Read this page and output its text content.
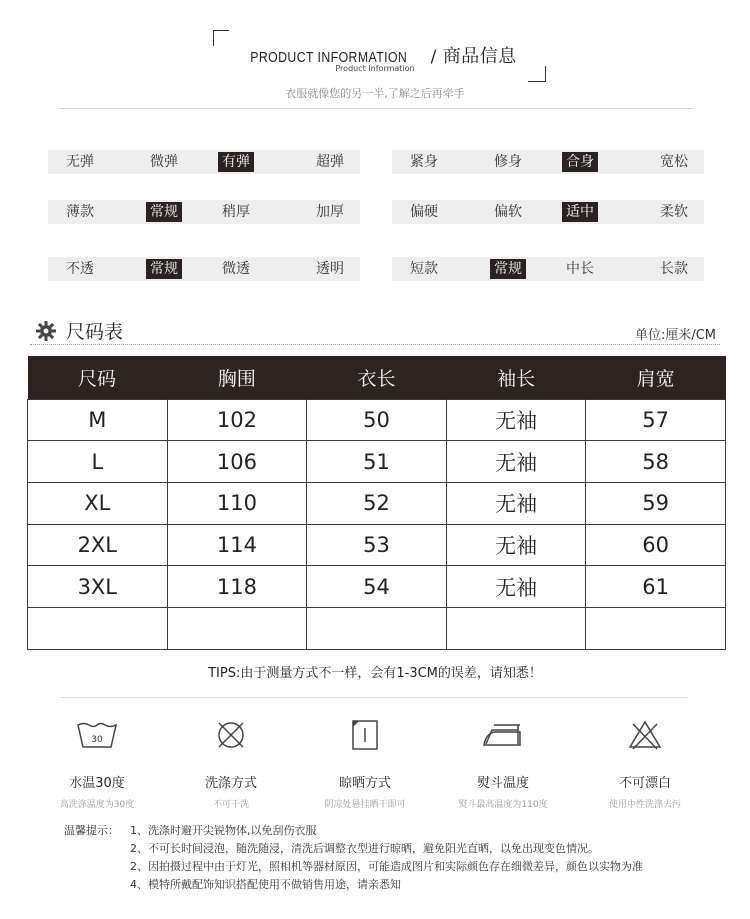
PRODUCT INFORMATION / 商品信息
Product Information
衣服就像您的另一半,了解之后再牵手
无弹	微弹	有弹	超弹	紧身	修身	合身	宽松
薄款	常规	稍厚	加厚	偏硬	偏软	适中	柔软
不透	常规	微透	透明	短款	常规	中长	长款
尺码表	单位:厘米/CM
尺码	胸围	衣长	袖长	肩宽
M	102	50	无袖	57
L	106	51	无袖	58
XL	110	52	无袖	59
2XL	114	53	无袖	60
3XL	118	54	无袖	61

TIPS:由于测量方式不一样，会有1-3CM的误差，请知悉！
30
水温30度
高洗涤温度为30度
洗涤方式
不可干洗
晾晒方式
阴凉处悬挂晒干即可
熨斗温度
熨斗最高温度为110度
不可漂白
使用中性洗涤去污
温馨提示：	1、洗涤时避开尖锐物体,以免刮伤衣服
2、不可长时间浸泡，随洗随浸，清洗后调整衣型进行晾晒，避免阳光直晒，以免出现变色情况。
2、因拍摄过程中由于灯光，照相机等器材原因，可能造成图片和实际颜色存在细微差异，颜色以实物为准
4、模特所戴配饰知识搭配使用不做销售用途，请亲悉知
